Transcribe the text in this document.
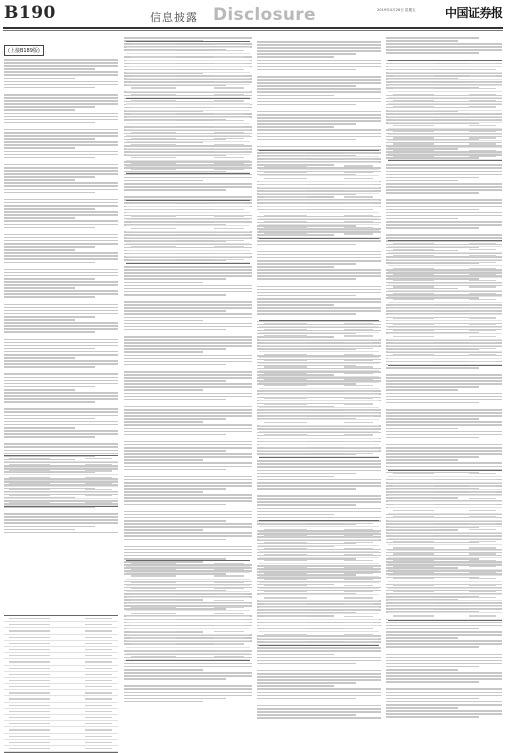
B190	信息披露 Disclosure	2019年4月26日 星期五 中国证券报
(上接B189版)
